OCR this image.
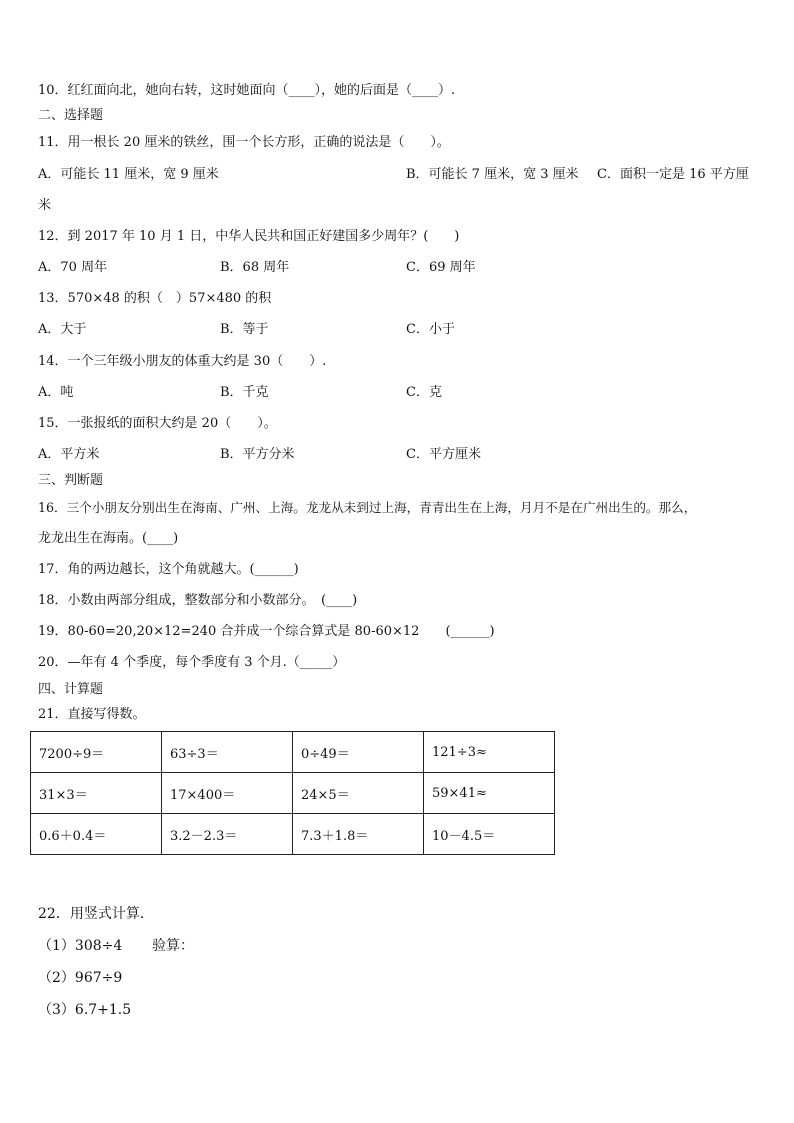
10．红红面向北，她向右转，这时她面向（____），她的后面是（____）.
二、选择题
11．用一根长 20 厘米的铁丝，围一个长方形，正确的说法是（　　）。
A．可能长 11 厘米，宽 9 厘米	B．可能长 7 厘米，宽 3 厘米 C．面积一定是 16 平方厘
米
12．到 2017 年 10 月 1 日，中华人民共和国正好建国多少周年？(　　)
A．70 周年	B．68 周年	C．69 周年
13．570×48 的积（　）57×480 的积
A．大于	B．等于	C．小于
14．一个三年级小朋友的体重大约是 30（　　）.
A．吨	B．千克	C．克
15．一张报纸的面积大约是 20（　　）。
A．平方米	B．平方分米	C．平方厘米
三、判断题
16．三个小朋友分别出生在海南、广州、上海。龙龙从未到过上海，青青出生在上海，月月不是在广州出生的。那么，
龙龙出生在海南。(____)
17．角的两边越长，这个角就越大。(______)
18．小数由两部分组成，整数部分和小数部分。　(____)
19．80-60=20,20×12=240 合并成一个综合算式是 80-60×12　　(______)
20．—年有 4 个季度，每个季度有 3 个月.（_____）
四、计算题
21．直接写得数。
7200÷9＝	63÷3＝	0÷49＝	121÷3≈
31×3＝	17×400＝	24×5＝	59×41≈
0.6＋0.4＝	3.2－2.3＝	7.3＋1.8＝	10－4.5＝
22．用竖式计算．
（1）308÷4 验算：
（2）967÷9
（3）6.7+1.5
